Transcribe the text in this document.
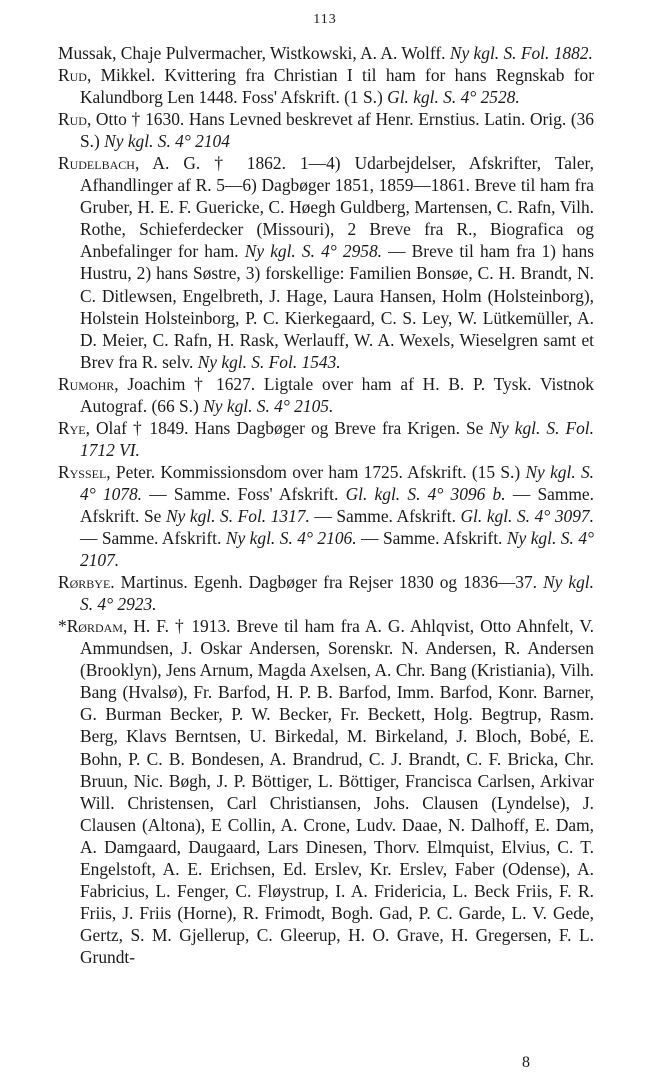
113

Mussak, Chaje Pulvermacher, Wistkowski, A. A. Wolff. Ny kgl. S. Fol. 1882.

Rud, Mikkel. Kvittering fra Christian I til ham for hans Regnskab for Kalundborg Len 1448. Foss' Afskrift. (1 S.) Gl. kgl. S. 4° 2528.

Rud, Otto † 1630. Hans Levned beskrevet af Henr. Ernstius. Latin. Orig. (36 S.) Ny kgl. S. 4° 2104

Rudelbach, A. G. † 1862. 1—4) Udarbejdelser, Afskrifter, Taler, Afhandlinger af R. 5—6) Dagbøger 1851, 1859—1861. Breve til ham fra Gruber, H. E. F. Guericke, C. Høegh Guldberg, Martensen, C. Rafn, Vilh. Rothe, Schieferdecker (Missouri), 2 Breve fra R., Biografica og Anbefalinger for ham. Ny kgl. S. 4° 2958. — Breve til ham fra 1) hans Hustru, 2) hans Søstre, 3) forskellige: Familien Bonsøe, C. H. Brandt, N. C. Ditlewsen, Engelbreth, J. Hage, Laura Hansen, Holm (Holsteinborg), Holstein Holsteinborg, P. C. Kierkegaard, C. S. Ley, W. Lütkemüller, A. D. Meier, C. Rafn, H. Rask, Werlauff, W. A. Wexels, Wieselgren samt et Brev fra R. selv. Ny kgl. S. Fol. 1543.

Rumohr, Joachim † 1627. Ligtale over ham af H. B. P. Tysk. Vistnok Autograf. (66 S.) Ny kgl. S. 4° 2105.

Rye, Olaf † 1849. Hans Dagbøger og Breve fra Krigen. Se Ny kgl. S. Fol. 1712 VI.

Ryssel, Peter. Kommissionsdom over ham 1725. Afskrift. (15 S.) Ny kgl. S. 4° 1078. — Samme. Foss' Afskrift. Gl. kgl. S. 4° 3096 b. — Samme. Afskrift. Se Ny kgl. S. Fol. 1317. — Samme. Afskrift. Gl. kgl. S. 4° 3097. — Samme. Afskrift. Ny kgl. S. 4° 2106. — Samme. Afskrift. Ny kgl. S. 4° 2107.

Rørbye. Martinus. Egenh. Dagbøger fra Rejser 1830 og 1836—37. Ny kgl. S. 4° 2923.

*Rørdam, H. F. † 1913. Breve til ham fra A. G. Ahlqvist, Otto Ahnfelt, V. Ammundsen, J. Oskar Andersen, Sorenskr. N. Andersen, R. Andersen (Brooklyn), Jens Arnum, Magda Axelsen, A. Chr. Bang (Kristiania), Vilh. Bang (Hvalsø), Fr. Barfod, H. P. B. Barfod, Imm. Barfod, Konr. Barner, G. Burman Becker, P. W. Becker, Fr. Beckett, Holg. Begtrup, Rasm. Berg, Klavs Berntsen, U. Birkedal, M. Birkeland, J. Bloch, Bobé, E. Bohn, P. C. B. Bondesen, A. Brandrud, C. J. Brandt, C. F. Bricka, Chr. Bruun, Nic. Bøgh, J. P. Böttiger, L. Böttiger, Francisca Carlsen, Arkivar Will. Christensen, Carl Christiansen, Johs. Clausen (Lyndelse), J. Clausen (Altona), E Collin, A. Crone, Ludv. Daae, N. Dalhoff, E. Dam, A. Damgaard, Daugaard, Lars Dinesen, Thorv. Elmquist, Elvius, C. T. Engelstoft, A. E. Erichsen, Ed. Erslev, Kr. Erslev, Faber (Odense), A. Fabricius, L. Fenger, C. Fløystrup, I. A. Fridericia, L. Beck Friis, F. R. Friis, J. Friis (Horne), R. Frimodt, Bogh. Gad, P. C. Garde, L. V. Gede, Gertz, S. M. Gjellerup, C. Gleerup, H. O. Grave, H. Gregersen, F. L. Grundt-

8
